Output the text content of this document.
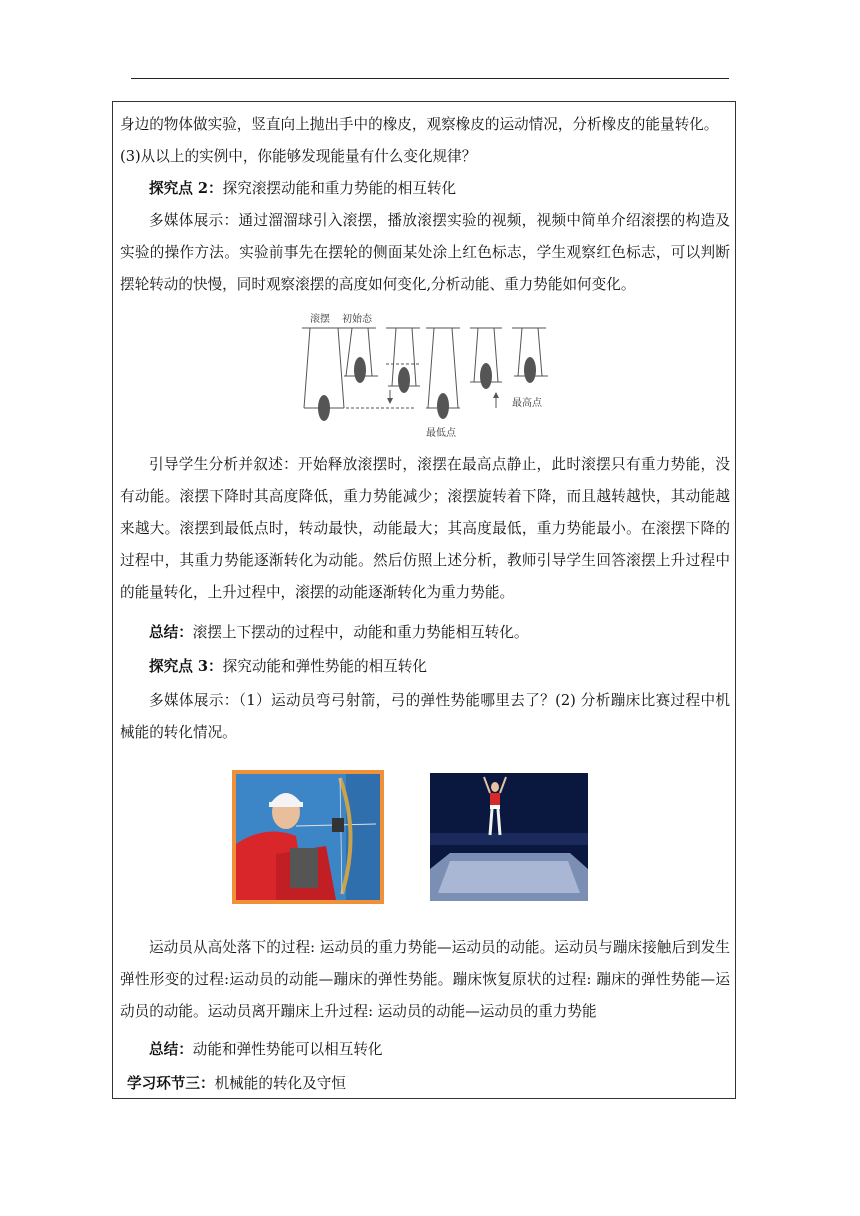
身边的物体做实验，竖直向上抛出手中的橡皮，观察橡皮的运动情况，分析橡皮的能量转化。

(3)从以上的实例中，你能够发现能量有什么变化规律？

探究点 2：探究滚摆动能和重力势能的相互转化

多媒体展示：通过溜溜球引入滚摆，播放滚摆实验的视频，视频中简单介绍滚摆的构造及实验的操作方法。实验前事先在摆轮的侧面某处涂上红色标志，学生观察红色标志，可以判断摆轮转动的快慢，同时观察滚摆的高度如何变化,分析动能、重力势能如何变化。

滚摆 初始态
最低点
最高点

引导学生分析并叙述：开始释放滚摆时，滚摆在最高点静止，此时滚摆只有重力势能，没有动能。滚摆下降时其高度降低，重力势能减少；滚摆旋转着下降，而且越转越快，其动能越来越大。滚摆到最低点时，转动最快，动能最大；其高度最低，重力势能最小。在滚摆下降的过程中，其重力势能逐渐转化为动能。然后仿照上述分析，教师引导学生回答滚摆上升过程中的能量转化，上升过程中，滚摆的动能逐渐转化为重力势能。

总结：滚摆上下摆动的过程中，动能和重力势能相互转化。

探究点 3：探究动能和弹性势能的相互转化

多媒体展示：（1）运动员弯弓射箭，弓的弹性势能哪里去了？(2) 分析蹦床比赛过程中机械能的转化情况。

运动员从高处落下的过程: 运动员的重力势能—运动员的动能。运动员与蹦床接触后到发生弹性形变的过程:运动员的动能—蹦床的弹性势能。蹦床恢复原状的过程: 蹦床的弹性势能—运动员的动能。运动员离开蹦床上升过程: 运动员的动能—运动员的重力势能

总结：动能和弹性势能可以相互转化

学习环节三：机械能的转化及守恒
